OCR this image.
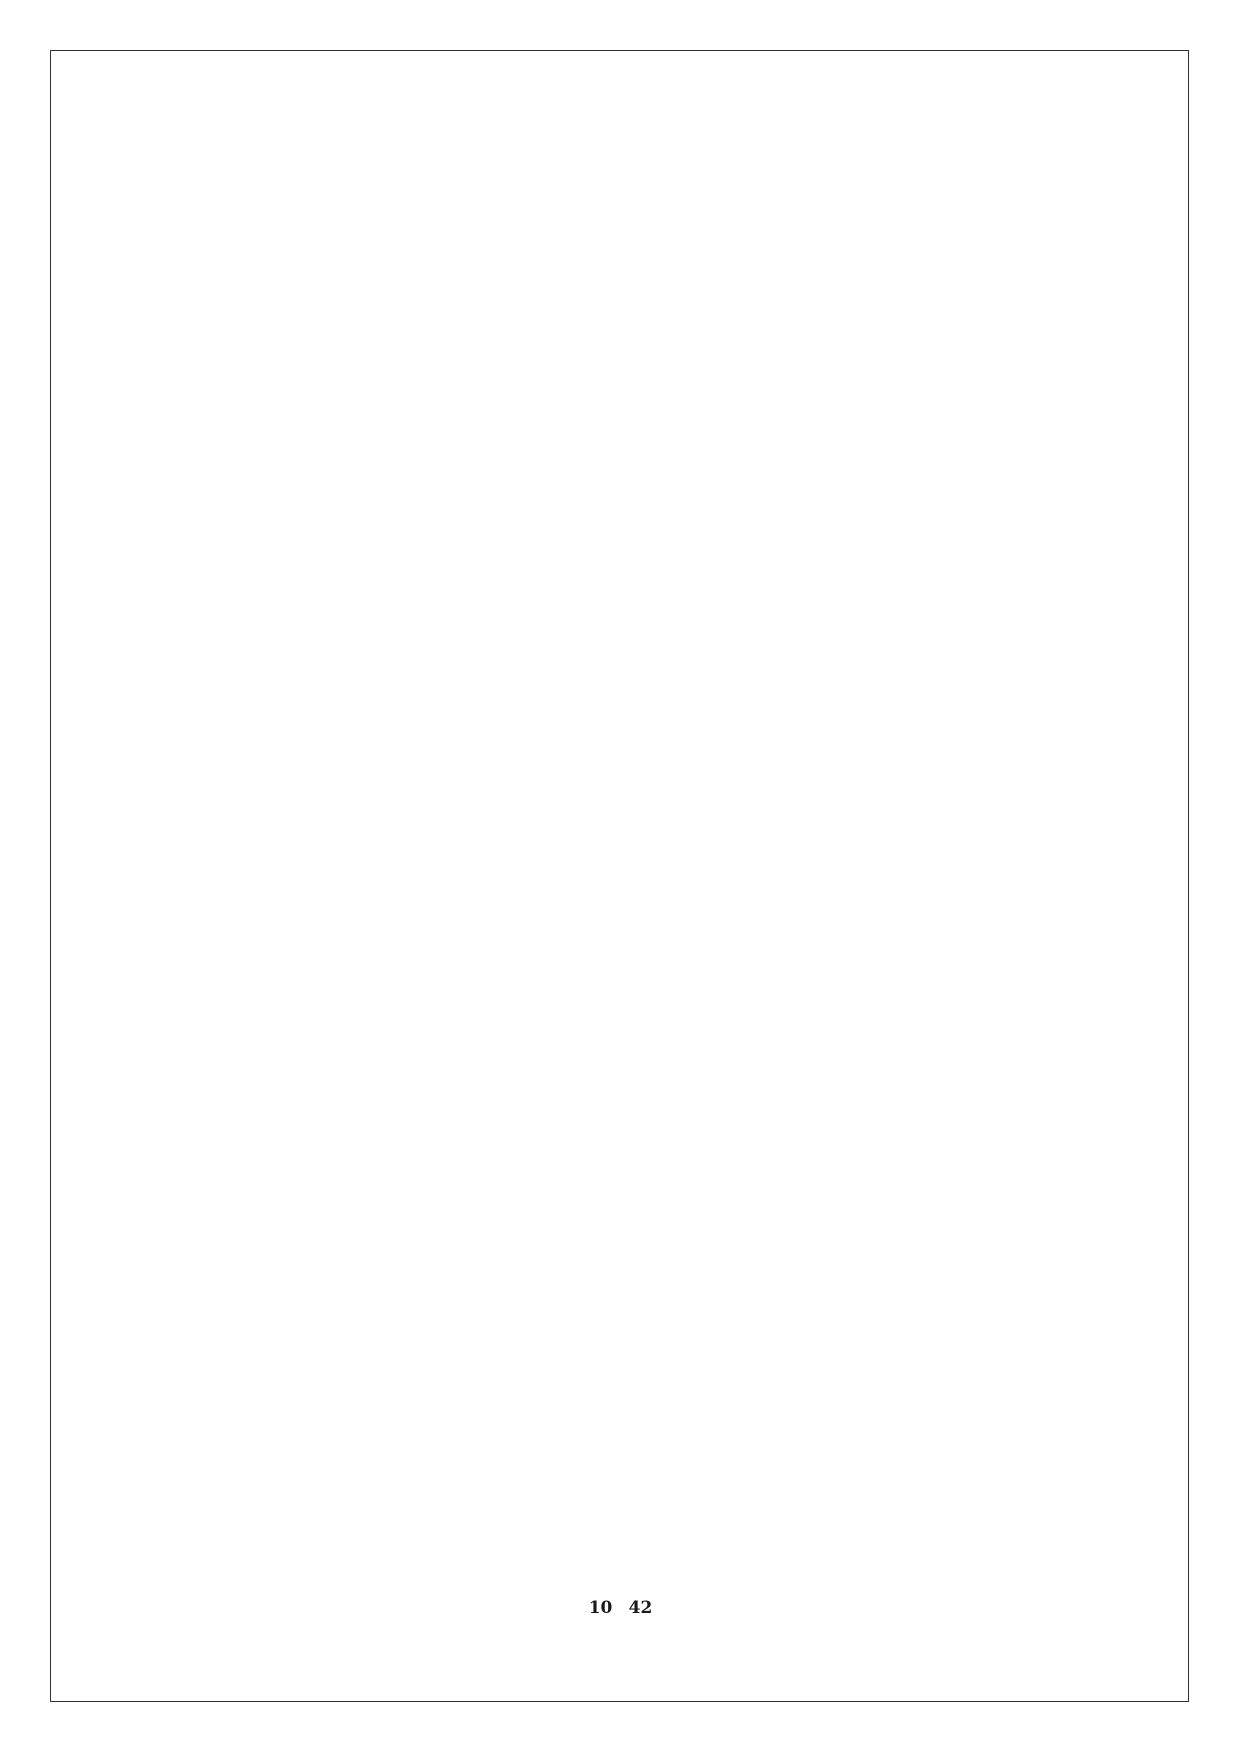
10 42
